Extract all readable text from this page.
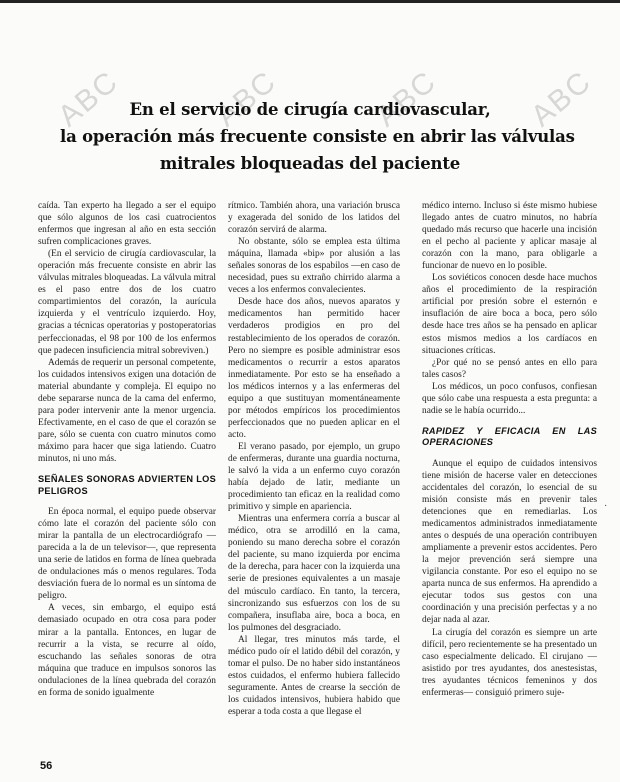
ABC	ABC	ABC	ABC
En el servicio de cirugía cardiovascular,
la operación más frecuente consiste en abrir las válvulas
mitrales bloqueadas del paciente

caída. Tan experto ha llegado a ser el equipo que sólo algunos de los casi cuatrocientos enfermos que ingresan al año en esta sección sufren complicaciones graves.

(En el servicio de cirugía cardiovascular, la operación más frecuente consiste en abrir las válvulas mitrales bloqueadas. La válvula mitral es el paso entre dos de los cuatro compartimientos del corazón, la aurícula izquierda y el ventrículo izquierdo. Hoy, gracias a técnicas operatorias y postoperatorias perfeccionadas, el 98 por 100 de los enfermos que padecen insuficiencia mitral sobreviven.)

Además de requerir un personal competente, los cuidados intensivos exigen una dotación de material abundante y compleja. El equipo no debe separarse nunca de la cama del enfermo, para poder intervenir ante la menor urgencia. Efectivamente, en el caso de que el corazón se pare, sólo se cuenta con cuatro minutos como máximo para hacer que siga latiendo. Cuatro minutos, ni uno más.

SEÑALES SONORAS ADVIERTEN LOS PELIGROS

En época normal, el equipo puede observar cómo late el corazón del paciente sólo con mirar la pantalla de un electrocardiógrafo —parecida a la de un televisor—, que representa una serie de latidos en forma de línea quebrada de ondulaciones más o menos regulares. Toda desviación fuera de lo normal es un síntoma de peligro.

A veces, sin embargo, el equipo está demasiado ocupado en otra cosa para poder mirar a la pantalla. Entonces, en lugar de recurrir a la vista, se recurre al oído, escuchando las señales sonoras de otra máquina que traduce en impulsos sonoros las ondulaciones de la línea quebrada del corazón en forma de sonido igualmente

rítmico. También ahora, una variación brusca y exagerada del sonido de los latidos del corazón servirá de alarma.

No obstante, sólo se emplea esta última máquina, llamada «bip» por alusión a las señales sonoras de los espabilos —en caso de necesidad, pues su extraño chirrido alarma a veces a los enfermos convalecientes.

Desde hace dos años, nuevos aparatos y medicamentos han permitido hacer verdaderos prodigios en pro del restablecimiento de los operados de corazón. Pero no siempre es posible administrar esos medicamentos o recurrir a estos aparatos inmediatamente. Por esto se ha enseñado a los médicos internos y a las enfermeras del equipo a que sustituyan momentáneamente por métodos empíricos los procedimientos perfeccionados que no pueden aplicar en el acto.

El verano pasado, por ejemplo, un grupo de enfermeras, durante una guardia nocturna, le salvó la vida a un enfermo cuyo corazón había dejado de latir, mediante un procedimiento tan eficaz en la realidad como primitivo y simple en apariencia.

Mientras una enfermera corría a buscar al médico, otra se arrodilló en la cama, poniendo su mano derecha sobre el corazón del paciente, su mano izquierda por encima de la derecha, para hacer con la izquierda una serie de presiones equivalentes a un masaje del músculo cardíaco. En tanto, la tercera, sincronizando sus esfuerzos con los de su compañera, insuflaba aire, boca a boca, en los pulmones del desgraciado.

Al llegar, tres minutos más tarde, el médico pudo oír el latido débil del corazón, y tomar el pulso. De no haber sido instantáneos estos cuidados, el enfermo hubiera fallecido seguramente. Antes de crearse la sección de los cuidados intensivos, hubiera habido que esperar a toda costa a que llegase el

médico interno. Incluso si éste mismo hubiese llegado antes de cuatro minutos, no habría quedado más recurso que hacerle una incisión en el pecho al paciente y aplicar masaje al corazón con la mano, para obligarle a funcionar de nuevo en lo posible.

Los soviéticos conocen desde hace muchos años el procedimiento de la respiración artificial por presión sobre el esternón e insuflación de aire boca a boca, pero sólo desde hace tres años se ha pensado en aplicar estos mismos medios a los cardíacos en situaciones críticas.

¿Por qué no se pensó antes en ello para tales casos?

Los médicos, un poco confusos, confiesan que sólo cabe una respuesta a esta pregunta: a nadie se le había ocurrido...

RAPIDEZ Y EFICACIA EN LAS OPERACIONES

Aunque el equipo de cuidados intensivos tiene misión de hacerse valer en detecciones accidentales del corazón, lo esencial de su misión consiste más en prevenir tales detenciones que en remediarlas. Los medicamentos administrados inmediatamente antes o después de una operación contribuyen ampliamente a prevenir estos accidentes. Pero la mejor prevención será siempre una vigilancia constante. Por eso el equipo no se aparta nunca de sus enfermos. Ha aprendido a ejecutar todos sus gestos con una coordinación y una precisión perfectas y a no dejar nada al azar.

La cirugía del corazón es siempre un arte difícil, pero recientemente se ha presentado un caso especialmente delicado. El cirujano —asistido por tres ayudantes, dos anestesistas, tres ayudantes técnicos femeninos y dos enfermeras— consiguió primero suje-

56
·
